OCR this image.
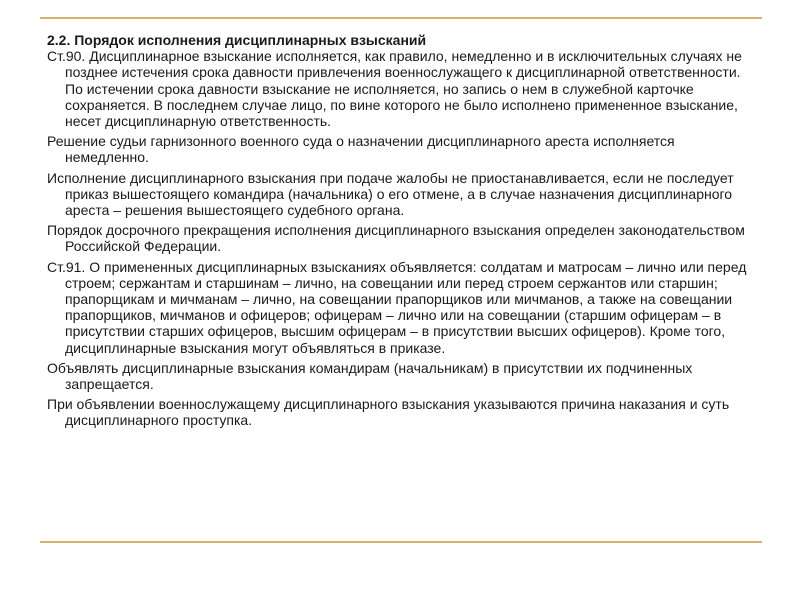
2.2. Порядок исполнения дисциплинарных взысканий

Ст.90. Дисциплинарное взыскание исполняется, как правило, немедленно и в исключительных случаях не позднее истечения срока давности привлечения военнослужащего к дисциплинарной ответственности. По истечении срока давности взыскание не исполняется, но запись о нем в служебной карточке сохраняется. В последнем случае лицо, по вине которого не было исполнено примененное взыскание, несет дисциплинарную ответственность.

Решение судьи гарнизонного военного суда о назначении дисциплинарного ареста исполняется немедленно.

Исполнение дисциплинарного взыскания при подаче жалобы не приостанавливается, если не последует приказ вышестоящего командира (начальника) о его отмене, а в случае назначения дисциплинарного ареста – решения вышестоящего судебного органа.

Порядок досрочного прекращения исполнения дисциплинарного взыскания определен законодательством Российской Федерации.

Ст.91. О примененных дисциплинарных взысканиях объявляется: солдатам и матросам – лично или перед строем; сержантам и старшинам – лично, на совещании или перед строем сержантов или старшин; прапорщикам и мичманам – лично, на совещании прапорщиков или мичманов, а также на совещании прапорщиков, мичманов и офицеров; офицерам – лично или на совещании (старшим офицерам – в присутствии старших офицеров, высшим офицерам – в присутствии высших офицеров). Кроме того, дисциплинарные взыскания могут объявляться в приказе.

Объявлять дисциплинарные взыскания командирам (начальникам) в присутствии их подчиненных запрещается.

При объявлении военнослужащему дисциплинарного взыскания указываются причина наказания и суть дисциплинарного проступка.
